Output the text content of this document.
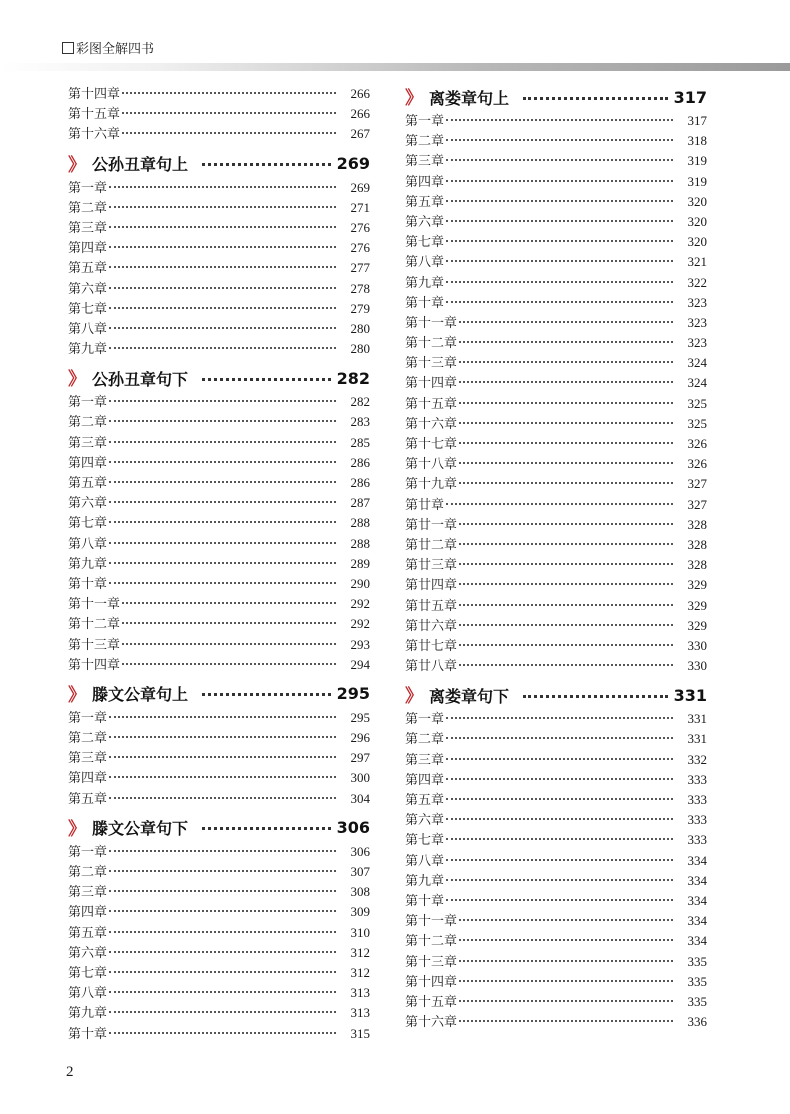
彩图全解四书
第十四章	266
第十五章	266
第十六章	267
》 公孙丑章句上	269
第一章	269
第二章	271
第三章	276
第四章	276
第五章	277
第六章	278
第七章	279
第八章	280
第九章	280
》 公孙丑章句下	282
第一章	282
第二章	283
第三章	285
第四章	286
第五章	286
第六章	287
第七章	288
第八章	288
第九章	289
第十章	290
第十一章	292
第十二章	292
第十三章	293
第十四章	294
》 滕文公章句上	295
第一章	295
第二章	296
第三章	297
第四章	300
第五章	304
》 滕文公章句下	306
第一章	306
第二章	307
第三章	308
第四章	309
第五章	310
第六章	312
第七章	312
第八章	313
第九章	313
第十章	315
》 离娄章句上	317
第一章	317
第二章	318
第三章	319
第四章	319
第五章	320
第六章	320
第七章	320
第八章	321
第九章	322
第十章	323
第十一章	323
第十二章	323
第十三章	324
第十四章	324
第十五章	325
第十六章	325
第十七章	326
第十八章	326
第十九章	327
第廿章	327
第廿一章	328
第廿二章	328
第廿三章	328
第廿四章	329
第廿五章	329
第廿六章	329
第廿七章	330
第廿八章	330
》 离娄章句下	331
第一章	331
第二章	331
第三章	332
第四章	333
第五章	333
第六章	333
第七章	333
第八章	334
第九章	334
第十章	334
第十一章	334
第十二章	334
第十三章	335
第十四章	335
第十五章	335
第十六章	336
2
